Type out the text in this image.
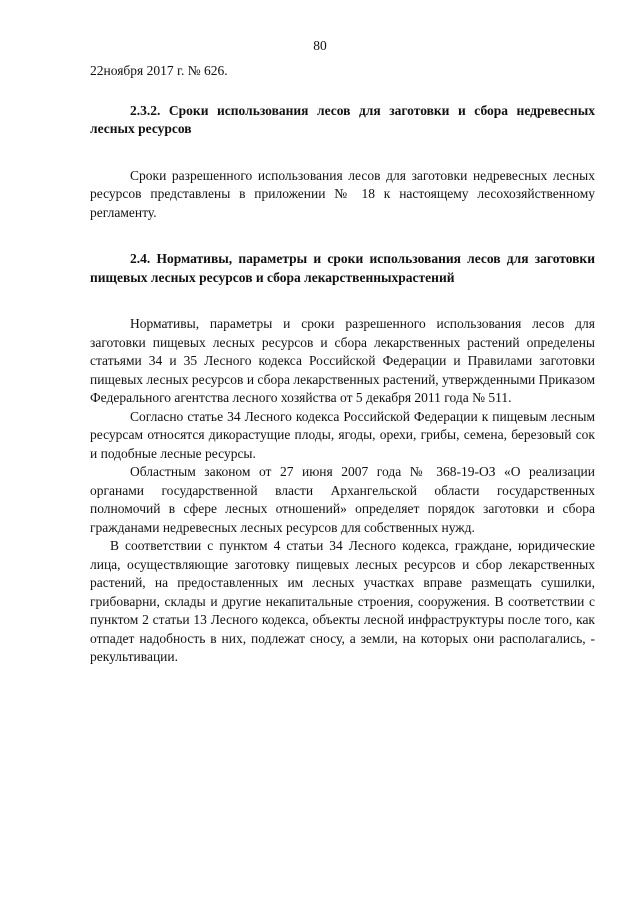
80

22ноября 2017 г. № 626.

2.3.2. Сроки использования лесов для заготовки и сбора недревесных лесных ресурсов

Сроки разрешенного использования лесов для заготовки недревесных лесных ресурсов представлены в приложении № 18 к настоящему лесохозяйственному регламенту.

2.4. Нормативы, параметры и сроки использования лесов для заготовки пищевых лесных ресурсов и сбора лекарственныхрастений

Нормативы, параметры и сроки разрешенного использования лесов для заготовки пищевых лесных ресурсов и сбора лекарственных растений определены статьями 34 и 35 Лесного кодекса Российской Федерации и Правилами заготовки пищевых лесных ресурсов и сбора лекарственных растений, утвержденными Приказом Федерального агентства лесного хозяйства от 5 декабря 2011 года № 511.

Согласно статье 34 Лесного кодекса Российской Федерации к пищевым лесным ресурсам относятся дикорастущие плоды, ягоды, орехи, грибы, семена, березовый сок и подобные лесные ресурсы.

Областным законом от 27 июня 2007 года № 368-19-ОЗ «О реализации органами государственной власти Архангельской области государственных полномочий в сфере лесных отношений» определяет порядок заготовки и сбора гражданами недревесных лесных ресурсов для собственных нужд.

В соответствии с пунктом 4 статьи 34 Лесного кодекса, граждане, юридические лица, осуществляющие заготовку пищевых лесных ресурсов и сбор лекарственных растений, на предоставленных им лесных участках вправе размещать сушилки, грибоварни, склады и другие некапитальные строения, сооружения. В соответствии с пунктом 2 статьи 13 Лесного кодекса, объекты лесной инфраструктуры после того, как отпадет надобность в них, подлежат сносу, а земли, на которых они располагались, - рекультивации.
